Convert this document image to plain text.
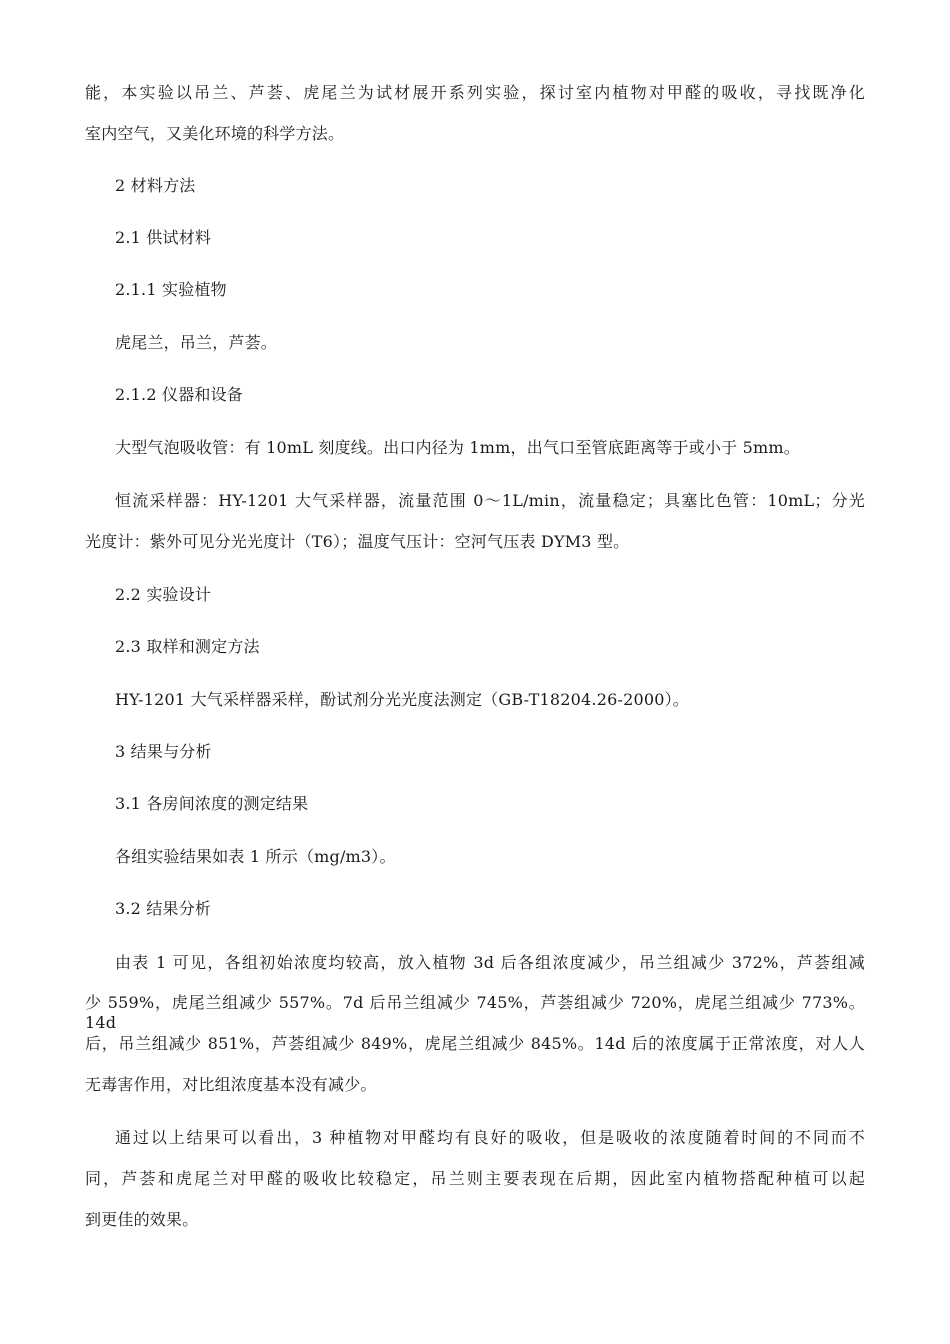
能，本实验以吊兰、芦荟、虎尾兰为试材展开系列实验，探讨室内植物对甲醛的吸收，寻找既净化
室内空气，又美化环境的科学方法。
2 材料方法
2.1 供试材料
2.1.1 实验植物
虎尾兰，吊兰，芦荟。
2.1.2 仪器和设备
大型气泡吸收管：有 10mL 刻度线。出口内径为 1mm，出气口至管底距离等于或小于 5mm。
恒流采样器：HY-1201 大气采样器，流量范围 0～1L/min，流量稳定；具塞比色管：10mL；分光
光度计：紫外可见分光光度计（T6）；温度气压计：空河气压表 DYM3 型。
2.2 实验设计
2.3 取样和测定方法
HY-1201 大气采样器采样，酚试剂分光光度法测定（GB-T18204.26-2000）。
3 结果与分析
3.1 各房间浓度的测定结果
各组实验结果如表 1 所示（mg/m3）。
3.2 结果分析
由表 1 可见，各组初始浓度均较高，放入植物 3d 后各组浓度减少，吊兰组减少 372%，芦荟组减
少 559%，虎尾兰组减少 557%。7d 后吊兰组减少 745%，芦荟组减少 720%，虎尾兰组减少 773%。14d
后，吊兰组减少 851%，芦荟组减少 849%，虎尾兰组减少 845%。14d 后的浓度属于正常浓度，对人人
无毒害作用，对比组浓度基本没有减少。
通过以上结果可以看出，3 种植物对甲醛均有良好的吸收，但是吸收的浓度随着时间的不同而不
同，芦荟和虎尾兰对甲醛的吸收比较稳定，吊兰则主要表现在后期，因此室内植物搭配种植可以起
到更佳的效果。
